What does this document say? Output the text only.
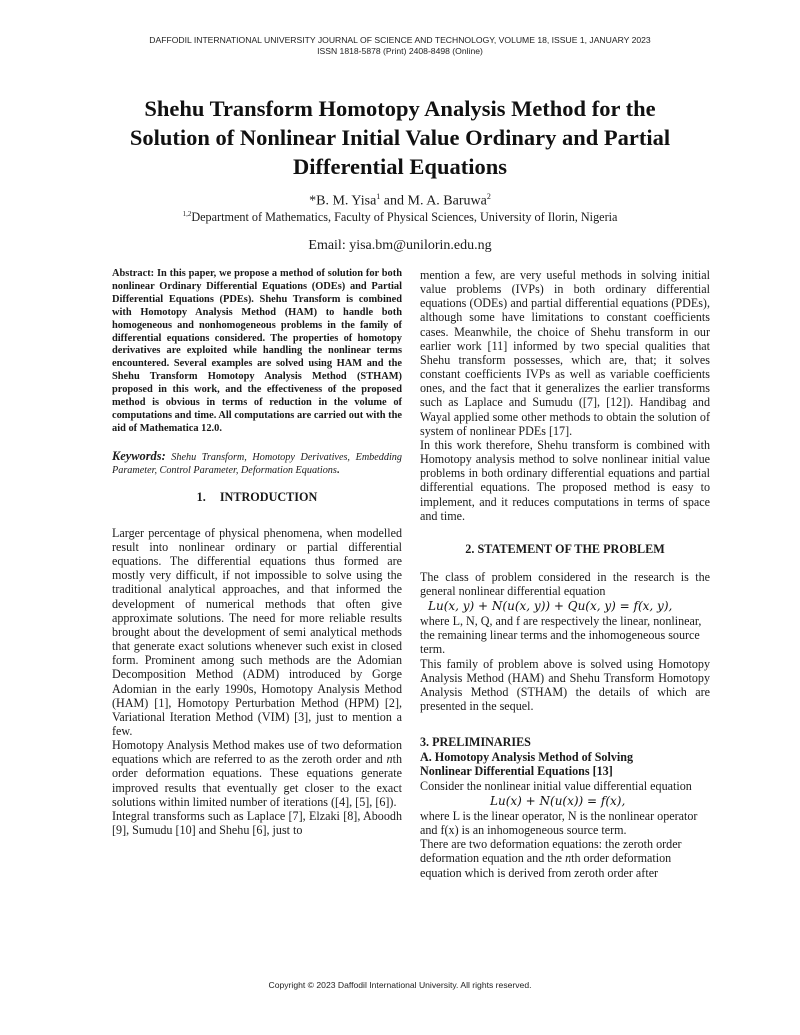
DAFFODIL INTERNATIONAL UNIVERSITY JOURNAL OF SCIENCE AND TECHNOLOGY, VOLUME 18, ISSUE 1, JANUARY 2023
ISSN 1818-5878 (Print) 2408-8498 (Online)
Shehu Transform Homotopy Analysis Method for the
Solution of Nonlinear Initial Value Ordinary and Partial
Differential Equations
*B. M. Yisa$^1$ and M. A. Baruwa$^2$
$^{1,2}$Department of Mathematics, Faculty of Physical Sciences, University of Ilorin, Nigeria
Email: yisa.bm@unilorin.edu.ng

Abstract: In this paper, we propose a method of solution for both nonlinear Ordinary Differential Equations (ODEs) and Partial Differential Equations (PDEs). Shehu Transform is combined with Homotopy Analysis Method (HAM) to handle both homogeneous and nonhomogeneous problems in the family of differential equations considered. The properties of homotopy derivatives are exploited while handling the nonlinear terms encountered. Several examples are solved using HAM and the Shehu Transform Homotopy Analysis Method (STHAM) proposed in this work, and the effectiveness of the proposed method is obvious in terms of reduction in the volume of computations and time. All computations are carried out with the aid of Mathematica 12.0.

Keywords: Shehu Transform, Homotopy Derivatives, Embedding Parameter, Control Parameter, Deformation Equations.

1. INTRODUCTION

Larger percentage of physical phenomena, when modelled result into nonlinear ordinary or partial differential equations. The differential equations thus formed are mostly very difficult, if not impossible to solve using the traditional analytical approaches, and that informed the development of numerical methods that often give approximate solutions. The need for more reliable results brought about the development of semi analytical methods that generate exact solutions whenever such exist in closed form. Prominent among such methods are the Adomian Decomposition Method (ADM) introduced by Gorge Adomian in the early 1990s, Homotopy Analysis Method (HAM) [1], Homotopy Perturbation Method (HPM) [2], Variational Iteration Method (VIM) [3], just to mention a few.

Homotopy Analysis Method makes use of two deformation equations which are referred to as the zeroth order and nth order deformation equations. These equations generate improved results that eventually get closer to the exact solutions within limited number of iterations ([4], [5], [6]).

Integral transforms such as Laplace [7], Elzaki [8], Aboodh [9], Sumudu [10] and Shehu [6], just to

mention a few, are very useful methods in solving initial value problems (IVPs) in both ordinary differential equations (ODEs) and partial differential equations (PDEs), although some have limitations to constant coefficients cases. Meanwhile, the choice of Shehu transform in our earlier work [11] informed by two special qualities that Shehu transform possesses, which are, that; it solves constant coefficients IVPs as well as variable coefficients ones, and the fact that it generalizes the earlier transforms such as Laplace and Sumudu ([7], [12]). Handibag and Wayal applied some other methods to obtain the solution of system of nonlinear PDEs [17].

In this work therefore, Shehu transform is combined with Homotopy analysis method to solve nonlinear initial value problems in both ordinary differential equations and partial differential equations. The proposed method is easy to implement, and it reduces computations in terms of space and time.

2. STATEMENT OF THE PROBLEM

The class of problem considered in the research is the general nonlinear differential equation

Lu(x, y) + N(u(x, y)) + Qu(x, y) = f(x, y),

where L, N, Q, and f are respectively the linear, nonlinear, the remaining linear terms and the inhomogeneous source term.

This family of problem above is solved using Homotopy Analysis Method (HAM) and Shehu Transform Homotopy Analysis Method (STHAM) the details of which are presented in the sequel.

3. PRELIMINARIES

A. Homotopy Analysis Method of Solving

Nonlinear Differential Equations [13]

Consider the nonlinear initial value differential equation

Lu(x) + N(u(x)) = f(x),

where L is the linear operator, N is the nonlinear operator and f(x) is an inhomogeneous source term.

There are two deformation equations: the zeroth order deformation equation and the nth order deformation equation which is derived from zeroth order after

Copyright © 2023 Daffodil International University. All rights reserved.
